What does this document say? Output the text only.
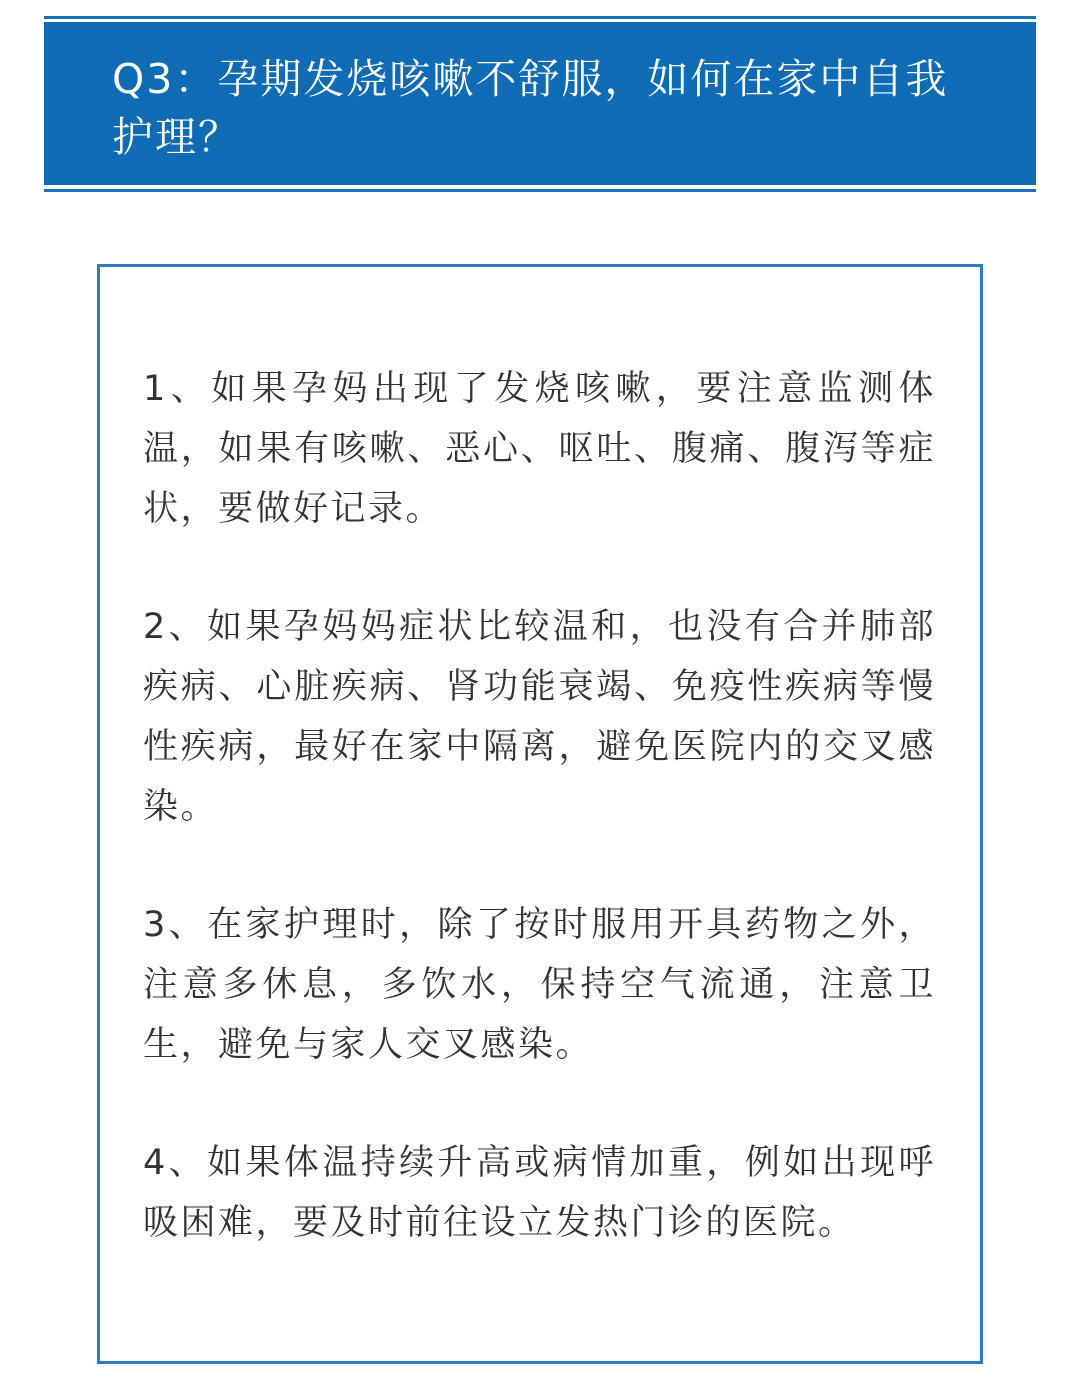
Q3：孕期发烧咳嗽不舒服，如何在家中自我护理？

1、如果孕妈出现了发烧咳嗽，要注意监测体温，如果有咳嗽、恶心、呕吐、腹痛、腹泻等症状，要做好记录。

2、如果孕妈妈症状比较温和，也没有合并肺部疾病、心脏疾病、肾功能衰竭、免疫性疾病等慢性疾病，最好在家中隔离，避免医院内的交叉感染。

3、在家护理时，除了按时服用开具药物之外，注意多休息，多饮水，保持空气流通，注意卫生，避免与家人交叉感染。

4、如果体温持续升高或病情加重，例如出现呼吸困难，要及时前往设立发热门诊的医院。
